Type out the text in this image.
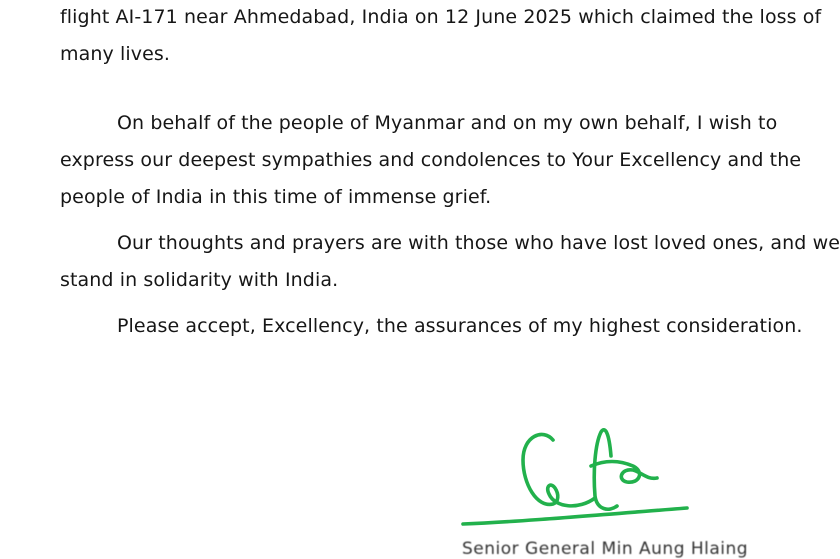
flight AI-171 near Ahmedabad, India on 12 June 2025 which claimed the loss of
many lives.
On behalf of the people of Myanmar and on my own behalf, I wish to
express our deepest sympathies and condolences to Your Excellency and the
people of India in this time of immense grief.
Our thoughts and prayers are with those who have lost loved ones, and we
stand in solidarity with India.
Please accept, Excellency, the assurances of my highest consideration.
Senior General Min Aung Hlaing
